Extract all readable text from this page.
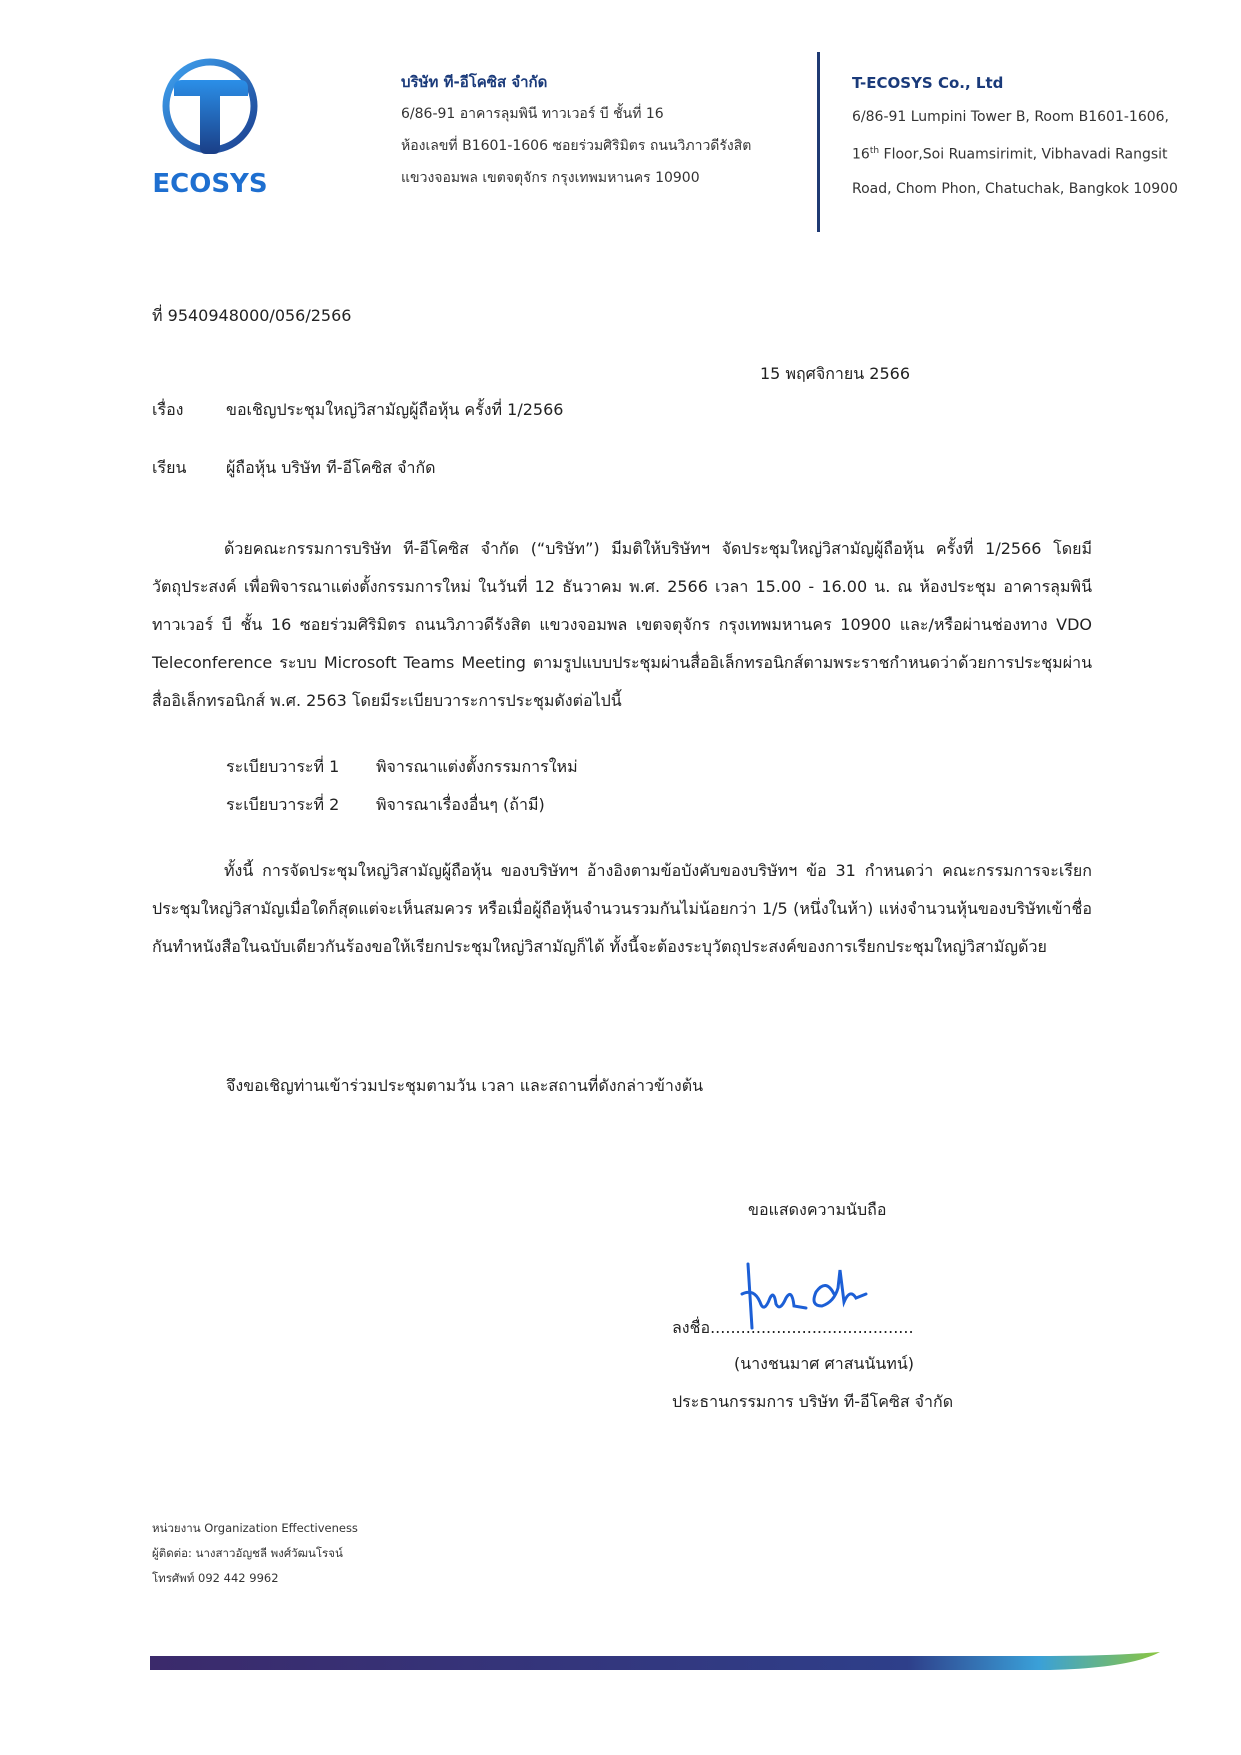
ECOSYS
บริษัท ที-อีโคซิส จำกัด
6/86-91 อาคารลุมพินี ทาวเวอร์ บี ชั้นที่ 16
ห้องเลขที่ B1601-1606 ซอยร่วมศิริมิตร ถนนวิภาวดีรังสิต
แขวงจอมพล เขตจตุจักร กรุงเทพมหานคร 10900
T-ECOSYS Co., Ltd
6/86-91 Lumpini Tower B, Room B1601-1606,
16th Floor,Soi Ruamsirimit, Vibhavadi Rangsit
Road, Chom Phon, Chatuchak, Bangkok 10900
ที่ 9540948000/056/2566
15 พฤศจิกายน 2566
เรื่อง	ขอเชิญประชุมใหญ่วิสามัญผู้ถือหุ้น ครั้งที่ 1/2566
เรียน ผู้ถือหุ้น บริษัท ที-อีโคซิส จำกัด
ด้วยคณะกรรมการบริษัท ที-อีโคซิส จำกัด (“บริษัท”) มีมติให้บริษัทฯ จัดประชุมใหญ่วิสามัญผู้ถือหุ้น ครั้งที่ 1/2566 โดยมีวัตถุประสงค์ เพื่อพิจารณาแต่งตั้งกรรมการใหม่ ในวันที่ 12 ธันวาคม พ.ศ. 2566 เวลา 15.00 - 16.00 น. ณ ห้องประชุม อาคารลุมพินี ทาวเวอร์ บี ชั้น 16 ซอยร่วมศิริมิตร ถนนวิภาวดีรังสิต แขวงจอมพล เขตจตุจักร กรุงเทพมหานคร 10900 และ/หรือผ่านช่องทาง VDO Teleconference ระบบ Microsoft Teams Meeting ตามรูปแบบประชุมผ่านสื่ออิเล็กทรอนิกส์ตามพระราชกำหนดว่าด้วยการประชุมผ่านสื่ออิเล็กทรอนิกส์ พ.ศ. 2563 โดยมีระเบียบวาระการประชุมดังต่อไปนี้
ระเบียบวาระที่ 1 พิจารณาแต่งตั้งกรรมการใหม่
ระเบียบวาระที่ 2 พิจารณาเรื่องอื่นๆ (ถ้ามี)
ทั้งนี้ การจัดประชุมใหญ่วิสามัญผู้ถือหุ้น ของบริษัทฯ อ้างอิงตามข้อบังคับของบริษัทฯ ข้อ 31 กำหนดว่า คณะกรรมการจะเรียกประชุมใหญ่วิสามัญเมื่อใดก็สุดแต่จะเห็นสมควร หรือเมื่อผู้ถือหุ้นจำนวนรวมกันไม่น้อยกว่า 1/5 (หนึ่งในห้า) แห่งจำนวนหุ้นของบริษัทเข้าชื่อกันทำหนังสือในฉบับเดียวกันร้องขอให้เรียกประชุมใหญ่วิสามัญก็ได้ ทั้งนี้จะต้องระบุวัตถุประสงค์ของการเรียกประชุมใหญ่วิสามัญด้วย
จึงขอเชิญท่านเข้าร่วมประชุมตามวัน เวลา และสถานที่ดังกล่าวข้างต้น
ขอแสดงความนับถือ
ลงชื่อ........................................
(นางชนมาศ ศาสนนันทน์)
ประธานกรรมการ บริษัท ที-อีโคซิส จำกัด
หน่วยงาน Organization Effectiveness
ผู้ติดต่อ: นางสาวอัญชลี พงศ์วัฒนโรจน์
โทรศัพท์ 092 442 9962
